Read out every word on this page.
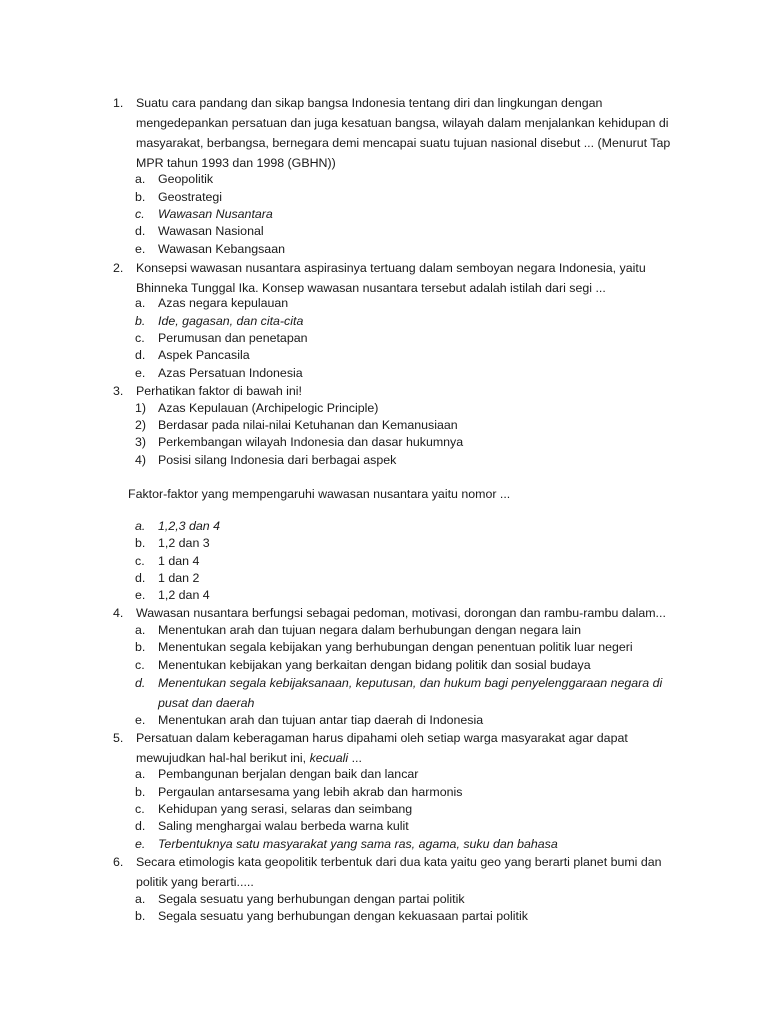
1.	Suatu cara pandang dan sikap bangsa Indonesia tentang diri dan lingkungan dengan mengedepankan persatuan dan juga kesatuan bangsa, wilayah dalam menjalankan kehidupan di masyarakat, berbangsa, bernegara demi mencapai suatu tujuan nasional disebut ... (Menurut Tap MPR tahun 1993 dan 1998 (GBHN))
a. Geopolitik
b. Geostrategi
c. Wawasan Nusantara
d. Wawasan Nasional
e. Wawasan Kebangsaan
2.	Konsepsi wawasan nusantara aspirasinya tertuang dalam semboyan negara Indonesia, yaitu Bhinneka Tunggal Ika. Konsep wawasan nusantara tersebut adalah istilah dari segi ...
a. Azas negara kepulauan
b. Ide, gagasan, dan cita-cita
c. Perumusan dan penetapan
d. Aspek Pancasila
e. Azas Persatuan Indonesia
3.	Perhatikan faktor di bawah ini!
1) Azas Kepulauan (Archipelogic Principle)
2) Berdasar pada nilai-nilai Ketuhanan dan Kemanusiaan
3) Perkembangan wilayah Indonesia dan dasar hukumnya
4) Posisi silang Indonesia dari berbagai aspek
Faktor-faktor yang mempengaruhi wawasan nusantara yaitu nomor ...
a. 1,2,3 dan 4
b. 1,2 dan 3
c. 1 dan 4
d. 1 dan 2
e. 1,2 dan 4
4.	Wawasan nusantara berfungsi sebagai pedoman, motivasi, dorongan dan rambu-rambu dalam...
a. Menentukan arah dan tujuan negara dalam berhubungan dengan negara lain
b. Menentukan segala kebijakan yang berhubungan dengan penentuan politik luar negeri
c. Menentukan kebijakan yang berkaitan dengan bidang politik dan sosial budaya
d. Menentukan segala kebijaksanaan, keputusan, dan hukum bagi penyelenggaraan negara di pusat dan daerah
e. Menentukan arah dan tujuan antar tiap daerah di Indonesia
5.	Persatuan dalam keberagaman harus dipahami oleh setiap warga masyarakat agar dapat mewujudkan hal-hal berikut ini, kecuali ...
a. Pembangunan berjalan dengan baik dan lancar
b. Pergaulan antarsesama yang lebih akrab dan harmonis
c. Kehidupan yang serasi, selaras dan seimbang
d. Saling menghargai walau berbeda warna kulit
e. Terbentuknya satu masyarakat yang sama ras, agama, suku dan bahasa
6.	Secara etimologis kata geopolitik terbentuk dari dua kata yaitu geo yang berarti planet bumi dan politik yang berarti.....
a. Segala sesuatu yang berhubungan dengan partai politik
b. Segala sesuatu yang berhubungan dengan kekuasaan partai politik
